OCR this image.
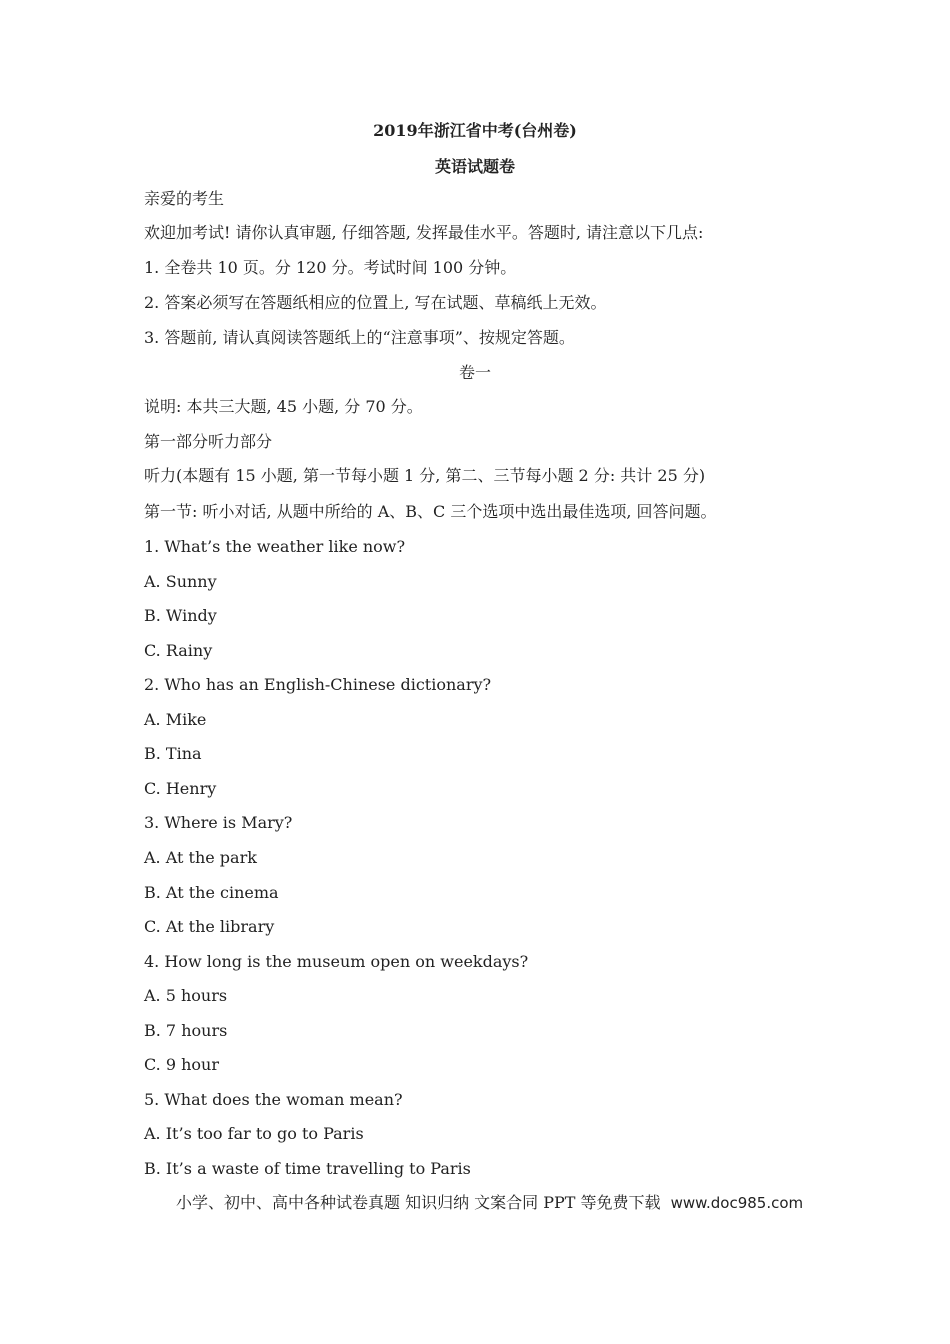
2019年浙江省中考(台州卷)
英语试题卷
亲爱的考生
欢迎加考试! 请你认真审题, 仔细答题, 发挥最佳水平。答题时, 请注意以下几点:
1. 全卷共 10 页。分 120 分。考试时间 100 分钟。
2. 答案必须写在答题纸相应的位置上, 写在试题、草稿纸上无效。
3. 答题前, 请认真阅读答题纸上的“注意事项”、按规定答题。
卷一
说明: 本共三大题, 45 小题, 分 70 分。
第一部分听力部分
听力(本题有 15 小题, 第一节每小题 1 分, 第二、三节每小题 2 分: 共计 25 分)
第一节: 听小对话, 从题中所给的 A、B、C 三个选项中选出最佳选项, 回答问题。
1. What’s the weather like now?
A. Sunny
B. Windy
C. Rainy
2. Who has an English-Chinese dictionary?
A. Mike
B. Tina
C. Henry
3. Where is Mary?
A. At the park
B. At the cinema
C. At the library
4. How long is the museum open on weekdays?
A. 5 hours
B. 7 hours
C. 9 hour
5. What does the woman mean?
A. It’s too far to go to Paris
B. It’s a waste of time travelling to Paris
小学、初中、高中各种试卷真题 知识归纳 文案合同 PPT 等免费下载 www.doc985.com
